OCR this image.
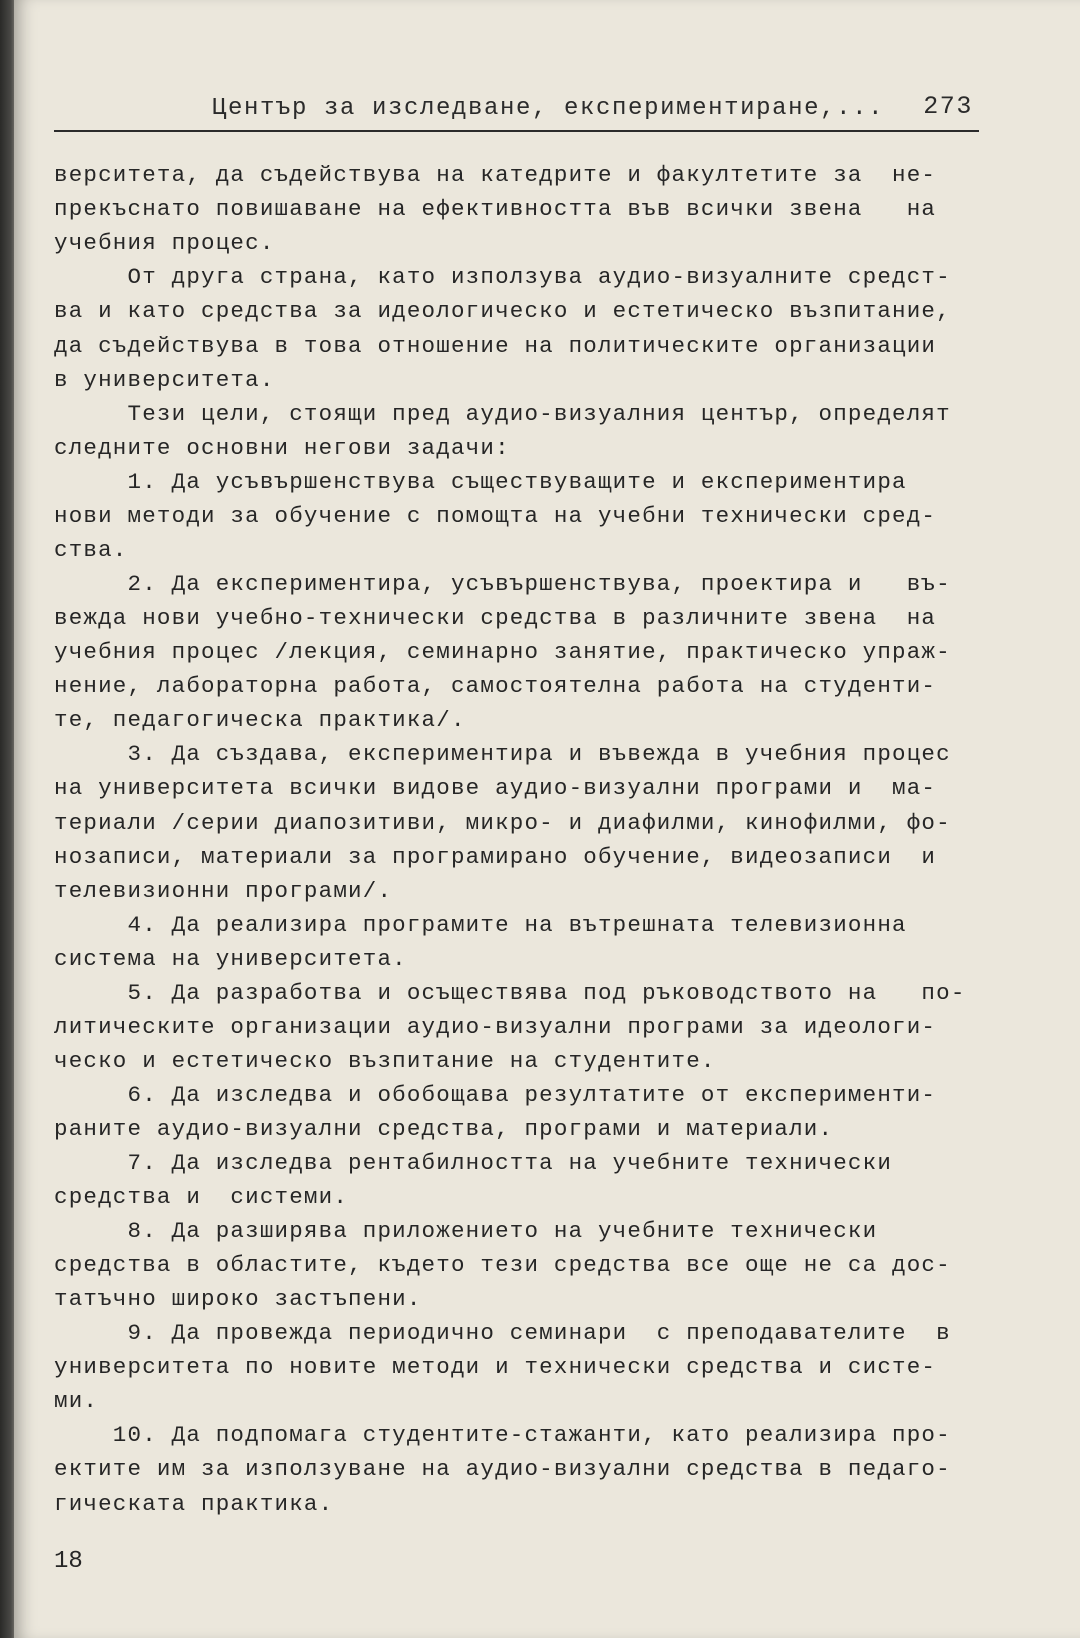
Център за изследване, експериментиране,... 273
верситета, да съдействува на катедрите и факултетите за  не-
прекъснато повишаване на ефективността във всички звена   на
учебния процес.
От друга страна, като използува аудио-визуалните средст-
ва и като средства за идеологическо и естетическо възпитание,
да съдействува в това отношение на политическите организации
в университета.
Тези цели, стоящи пред аудио-визуалния център, определят
следните основни негови задачи:
1. Да усъвършенствува съществуващите и експериментира
нови методи за обучение с помощта на учебни технически сред-
ства.
2. Да експериментира, усъвършенствува, проектира и   въ-
вежда нови учебно-технически средства в различните звена  на
учебния процес /лекция, семинарно занятие, практическо упраж-
нение, лабораторна работа, самостоятелна работа на студенти-
те, педагогическа практика/.
3. Да създава, експериментира и въвежда в учебния процес
на университета всички видове аудио-визуални програми и  ма-
териали /серии диапозитиви, микро- и диафилми, кинофилми, фо-
нозаписи, материали за програмирано обучение, видеозаписи  и
телевизионни програми/.
4. Да реализира програмите на вътрешната телевизионна
система на университета.
5. Да разработва и осъществява под ръководството на   по-
литическите организации аудио-визуални програми за идеологи-
ческо и естетическо възпитание на студентите.
6. Да изследва и обобощава резултатите от експерименти-
раните аудио-визуални средства, програми и материали.
7. Да изследва рентабилността на учебните технически
средства и  системи.
8. Да разширява приложението на учебните технически
средства в областите, където тези средства все още не са дос-
татъчно широко застъпени.
9. Да провежда периодично семинари  с преподавателите  в
университета по новите методи и технически средства и систе-
ми.
10. Да подпомага студентите-стажанти, като реализира про-
ектите им за използуване на аудио-визуални средства в педаго-
гическата практика.
18
